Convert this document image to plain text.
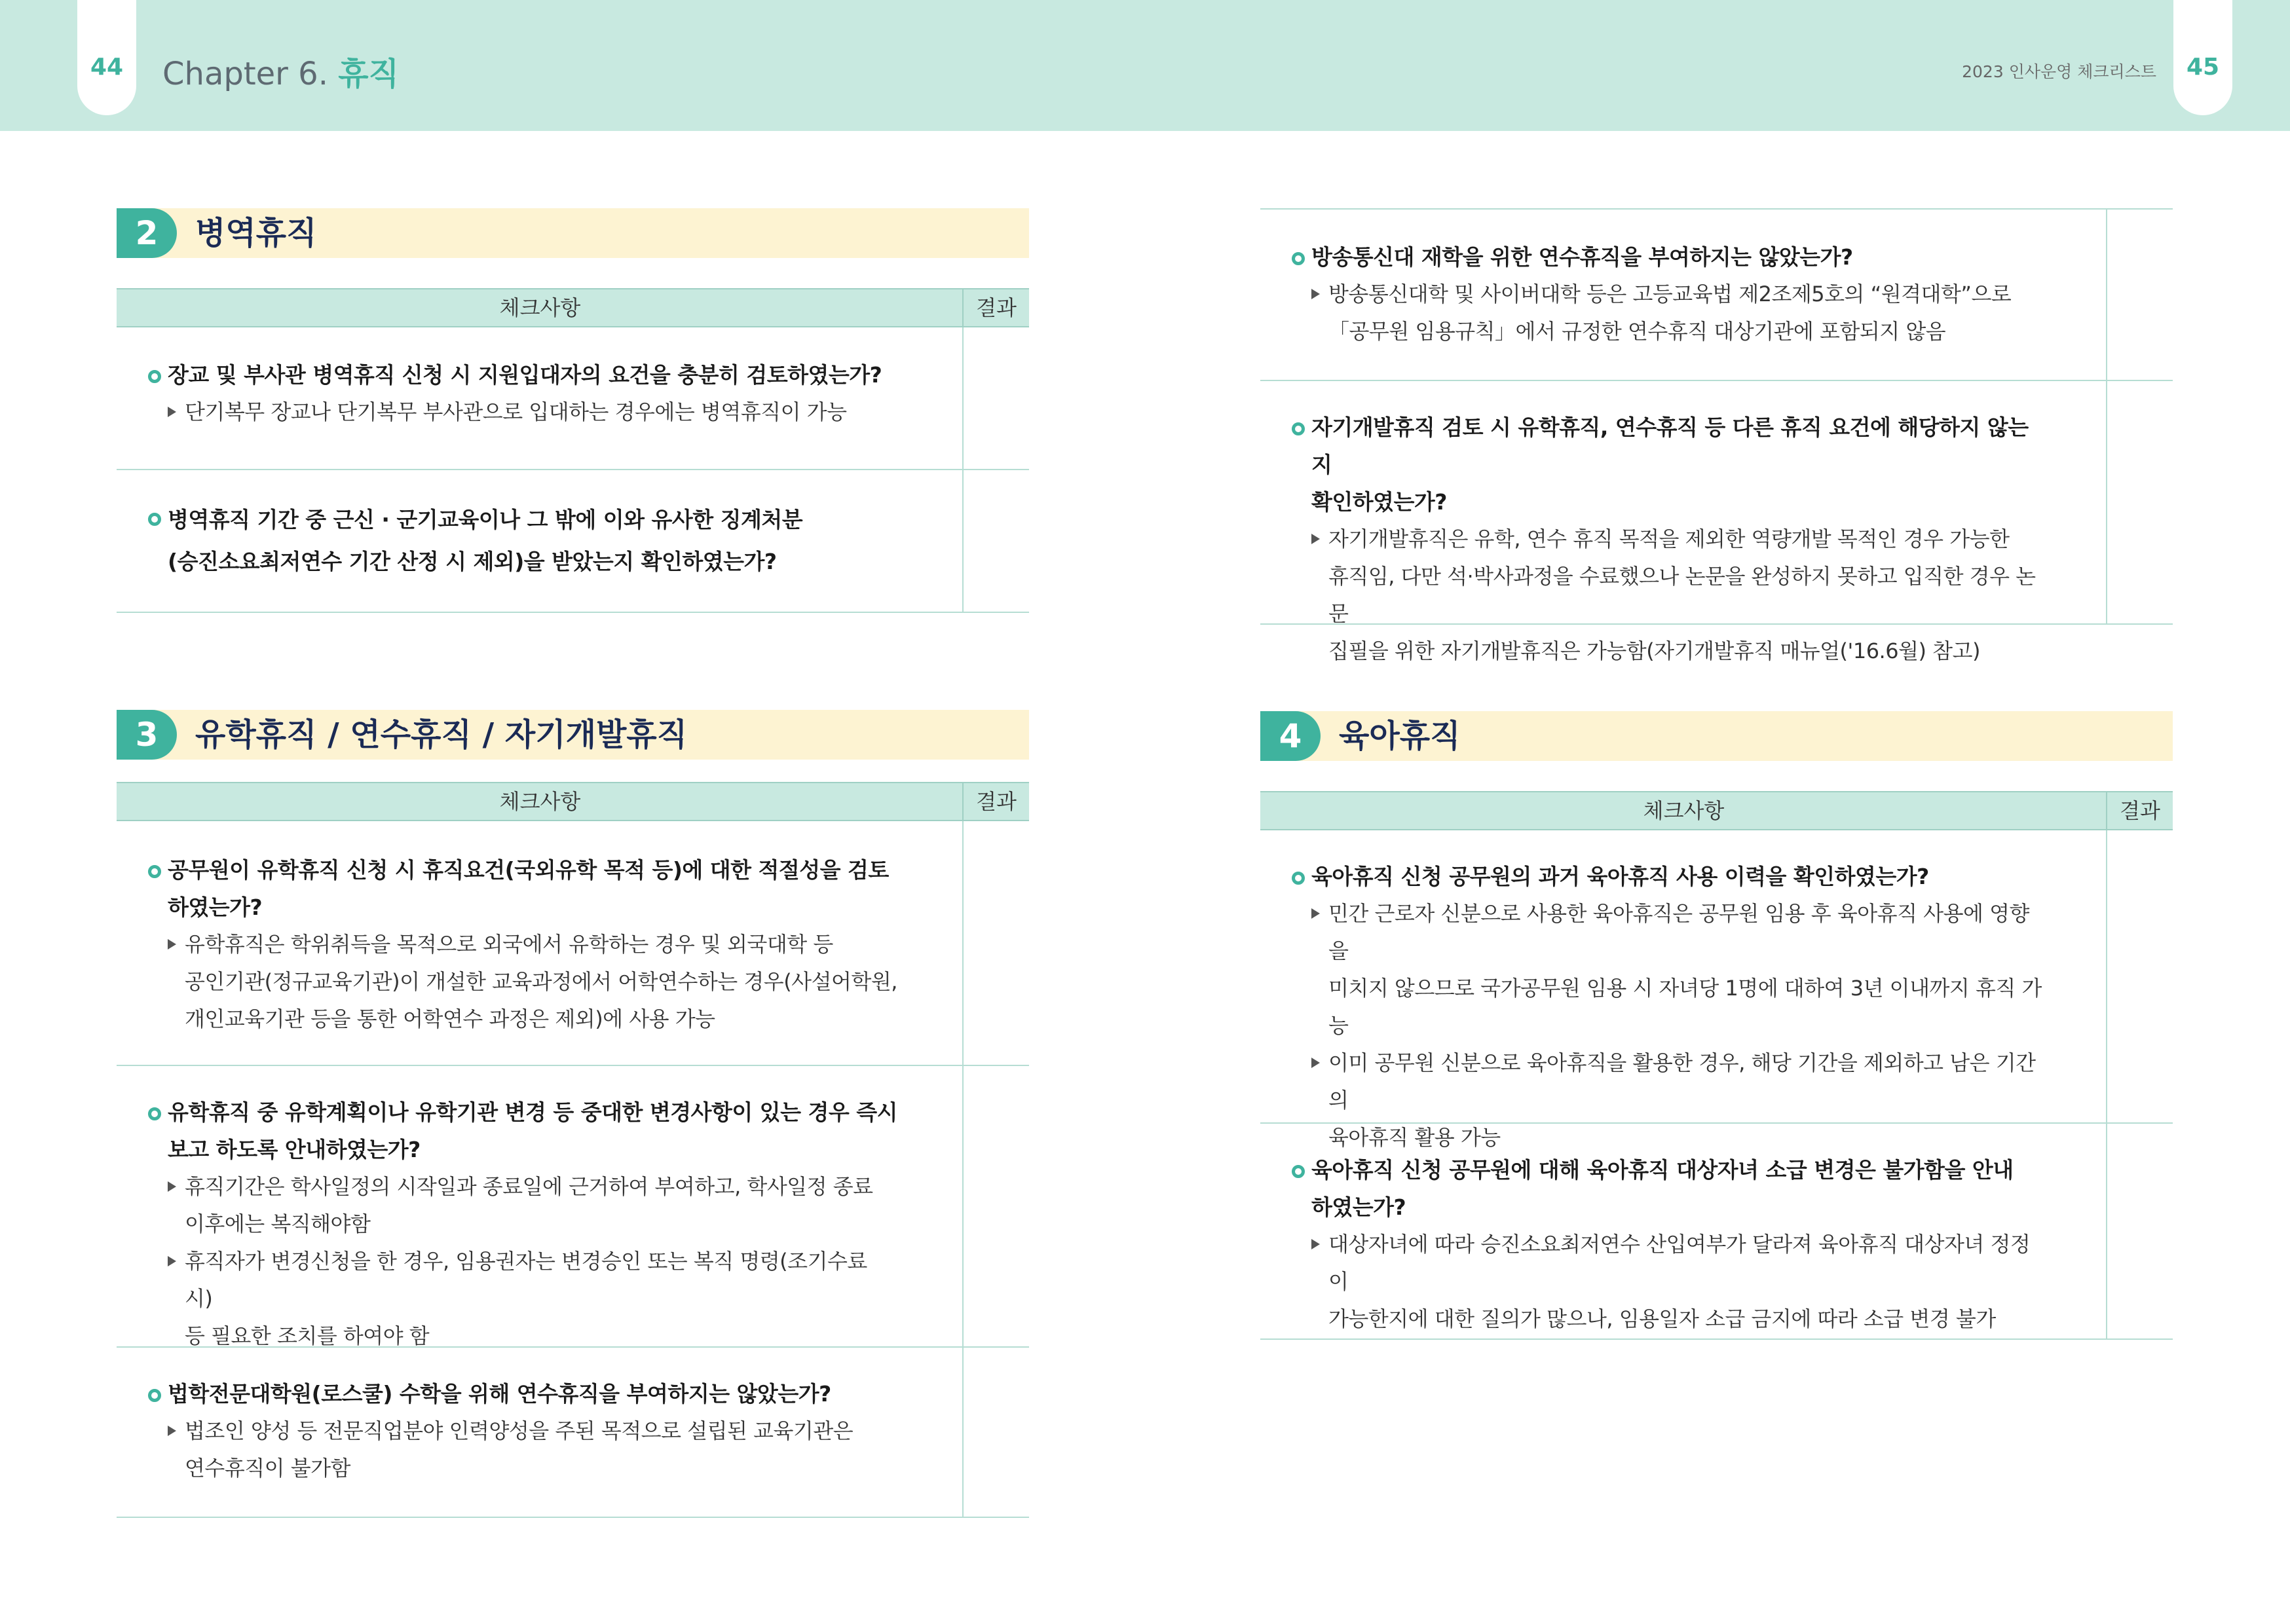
44	Chapter 6. 휴직	2023 인사운영 체크리스트	45
2	병역휴직
체크사항	결과
장교 및 부사관 병역휴직 신청 시 지원입대자의 요건을 충분히 검토하였는가?
단기복무 장교나 단기복무 부사관으로 입대하는 경우에는 병역휴직이 가능
병역휴직 기간 중 근신 · 군기교육이나 그 밖에 이와 유사한 징계처분
(승진소요최저연수 기간 산정 시 제외)을 받았는지 확인하였는가?
3	유학휴직 / 연수휴직 / 자기개발휴직
체크사항	결과
공무원이 유학휴직 신청 시 휴직요건(국외유학 목적 등)에 대한 적절성을 검토
하였는가?
유학휴직은 학위취득을 목적으로 외국에서 유학하는 경우 및 외국대학 등
공인기관(정규교육기관)이 개설한 교육과정에서 어학연수하는 경우(사설어학원,
개인교육기관 등을 통한 어학연수 과정은 제외)에 사용 가능
유학휴직 중 유학계획이나 유학기관 변경 등 중대한 변경사항이 있는 경우 즉시
보고 하도록 안내하였는가?
휴직기간은 학사일정의 시작일과 종료일에 근거하여 부여하고, 학사일정 종료
이후에는 복직해야함
휴직자가 변경신청을 한 경우, 임용권자는 변경승인 또는 복직 명령(조기수료 시)
등 필요한 조치를 하여야 함
법학전문대학원(로스쿨) 수학을 위해 연수휴직을 부여하지는 않았는가?
법조인 양성 등 전문직업분야 인력양성을 주된 목적으로 설립된 교육기관은
연수휴직이 불가함
방송통신대 재학을 위한 연수휴직을 부여하지는 않았는가?
방송통신대학 및 사이버대학 등은 고등교육법 제2조제5호의 “원격대학”으로
「공무원 임용규칙」에서 규정한 연수휴직 대상기관에 포함되지 않음
자기개발휴직 검토 시 유학휴직, 연수휴직 등 다른 휴직 요건에 해당하지 않는지
확인하였는가?
자기개발휴직은 유학, 연수 휴직 목적을 제외한 역량개발 목적인 경우 가능한
휴직임, 다만 석·박사과정을 수료했으나 논문을 완성하지 못하고 입직한 경우 논문
집필을 위한 자기개발휴직은 가능함(자기개발휴직 매뉴얼('16.6월) 참고)
4	육아휴직
체크사항	결과
육아휴직 신청 공무원의 과거 육아휴직 사용 이력을 확인하였는가?
민간 근로자 신분으로 사용한 육아휴직은 공무원 임용 후 육아휴직 사용에 영향을
미치지 않으므로 국가공무원 임용 시 자녀당 1명에 대하여 3년 이내까지 휴직 가능
이미 공무원 신분으로 육아휴직을 활용한 경우, 해당 기간을 제외하고 남은 기간의
육아휴직 활용 가능
육아휴직 신청 공무원에 대해 육아휴직 대상자녀 소급 변경은 불가함을 안내
하였는가?
대상자녀에 따라 승진소요최저연수 산입여부가 달라져 육아휴직 대상자녀 정정이
가능한지에 대한 질의가 많으나, 임용일자 소급 금지에 따라 소급 변경 불가
